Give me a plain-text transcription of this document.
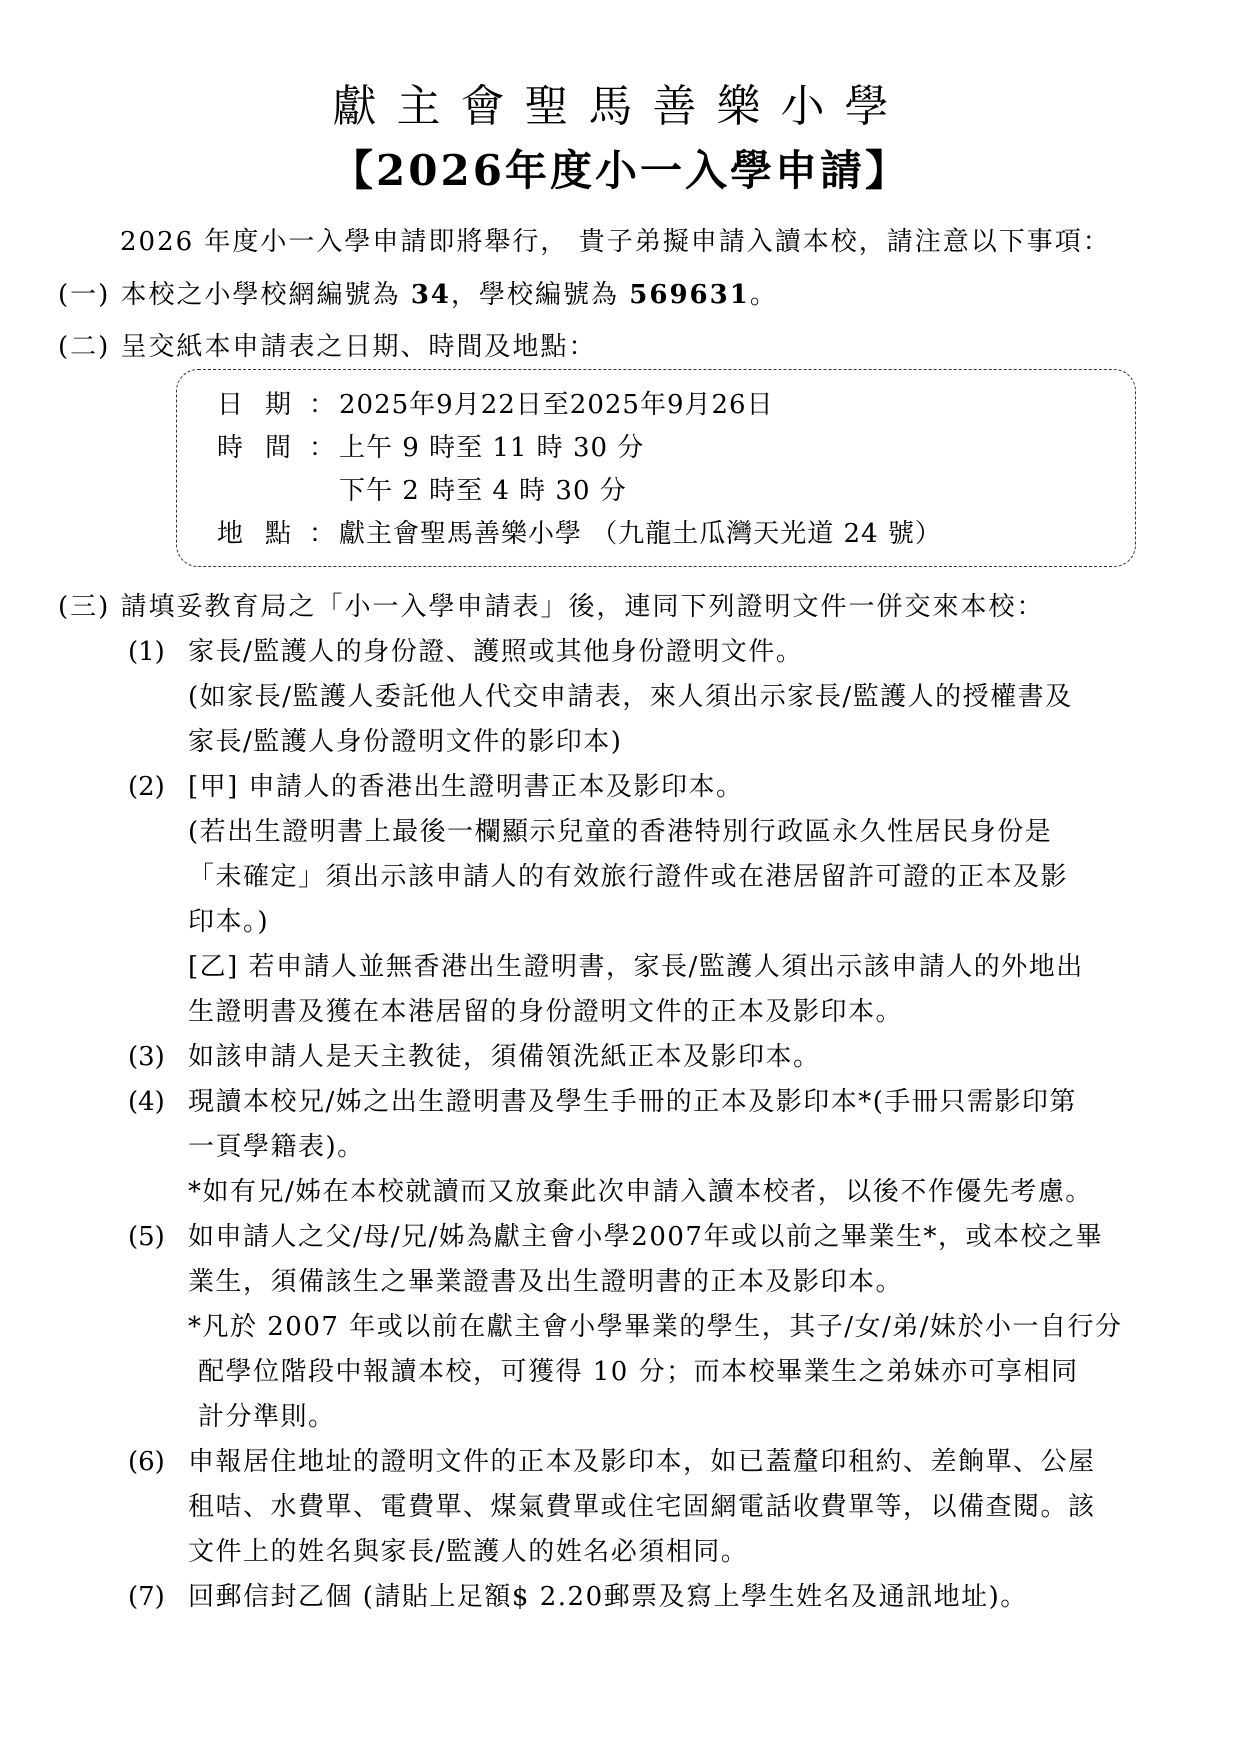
獻主會聖馬善樂小學
【2026年度小一入學申請】
2026 年度小一入學申請即將舉行， 貴子弟擬申請入讀本校，請注意以下事項：
(一) 本校之小學校網編號為 34，學校編號為 569631。
(二) 呈交紙本申請表之日期、時間及地點：
日期： 2025年9月22日至2025年9月26日
時間： 上午 9 時至 11 時 30 分
下午 2 時至 4 時 30 分
地點： 獻主會聖馬善樂小學 （九龍土瓜灣天光道 24 號）
(三) 請填妥教育局之「小一入學申請表」後，連同下列證明文件一併交來本校：
(1) 家長/監護人的身份證、護照或其他身份證明文件。

(如家長/監護人委託他人代交申請表，來人須出示家長/監護人的授權書及

家長/監護人身份證明文件的影印本)

(2) [甲] 申請人的香港出生證明書正本及影印本。

(若出生證明書上最後一欄顯示兒童的香港特別行政區永久性居民身份是

「未確定」須出示該申請人的有效旅行證件或在港居留許可證的正本及影

印本。)

[乙] 若申請人並無香港出生證明書，家長/監護人須出示該申請人的外地出

生證明書及獲在本港居留的身份證明文件的正本及影印本。

(3) 如該申請人是天主教徒，須備領洗紙正本及影印本。

(4) 現讀本校兄/姊之出生證明書及學生手冊的正本及影印本*(手冊只需影印第

一頁學籍表)。

*如有兄/姊在本校就讀而又放棄此次申請入讀本校者，以後不作優先考慮。

(5) 如申請人之父/母/兄/姊為獻主會小學2007年或以前之畢業生*，或本校之畢

業生，須備該生之畢業證書及出生證明書的正本及影印本。

*凡於 2007 年或以前在獻主會小學畢業的學生，其子/女/弟/妹於小一自行分

配學位階段中報讀本校，可獲得 10 分；而本校畢業生之弟妹亦可享相同

計分準則。

(6) 申報居住地址的證明文件的正本及影印本，如已蓋釐印租約、差餉單、公屋

租咭、水費單、電費單、煤氣費單或住宅固網電話收費單等，以備查閱。該

文件上的姓名與家長/監護人的姓名必須相同。

(7) 回郵信封乙個 (請貼上足額$ 2.20郵票及寫上學生姓名及通訊地址)。
